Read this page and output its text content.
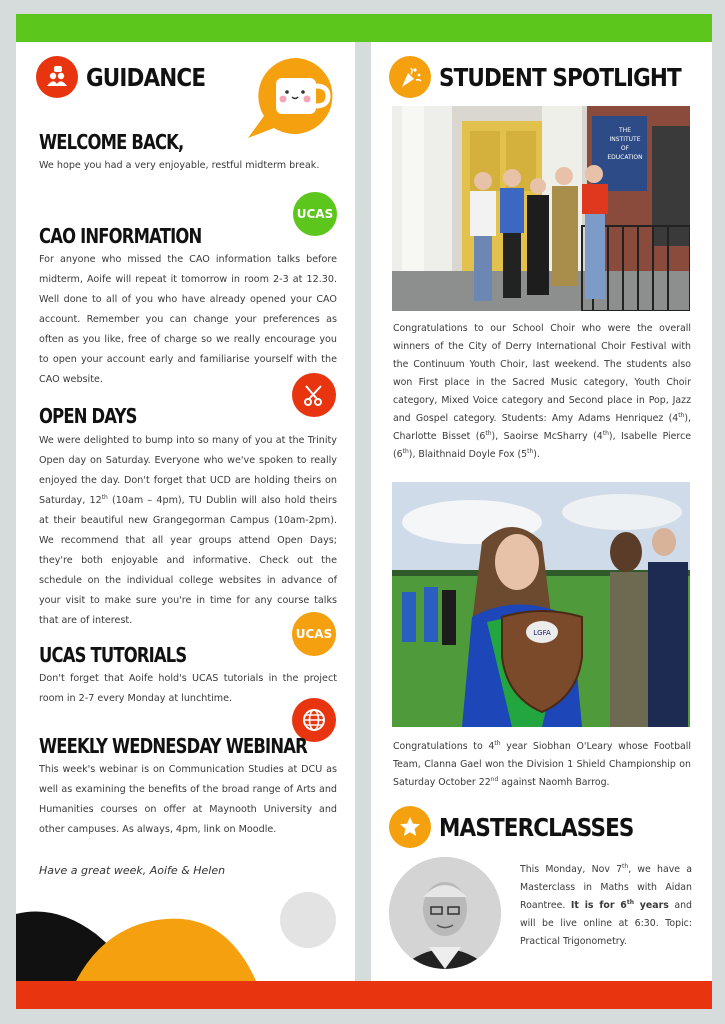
GUIDANCE
WELCOME BACK,
We hope you had a very enjoyable, restful midterm break.
UCAS
CAO INFORMATION
For anyone who missed the CAO information talks before midterm, Aoife will repeat it tomorrow in room 2-3 at 12.30. Well done to all of you who have already opened your CAO account. Remember you can change your preferences as often as you like, free of charge so we really encourage you to open your account early and familiarise yourself with the CAO website.
OPEN DAYS
We were delighted to bump into so many of you at the Trinity Open day on Saturday. Everyone who we've spoken to really enjoyed the day. Don't forget that UCD are holding theirs on Saturday, 12th (10am – 4pm), TU Dublin will also hold theirs at their beautiful new Grangegorman Campus (10am-2pm). We recommend that all year groups attend Open Days; they're both enjoyable and informative. Check out the schedule on the individual college websites in advance of your visit to make sure you're in time for any course talks that are of interest.
UCAS
UCAS TUTORIALS
Don't forget that Aoife hold's UCAS tutorials in the project room in 2-7 every Monday at lunchtime.
WEEKLY WEDNESDAY WEBINAR
This week's webinar is on Communication Studies at DCU as well as examining the benefits of the broad range of Arts and Humanities courses on offer at Maynooth University and other campuses. As always, 4pm, link on Moodle.
Have a great week, Aoife & Helen
STUDENT SPOTLIGHT
THE
INSTITUTE
OF
EDUCATION
Congratulations to our School Choir who were the overall winners of the City of Derry International Choir Festival with the Continuum Youth Choir, last weekend. The students also won First place in the Sacred Music category, Youth Choir category, Mixed Voice category and Second place in Pop, Jazz and Gospel category. Students: Amy Adams Henriquez (4th), Charlotte Bisset (6th), Saoirse McSharry (4th), Isabelle Pierce (6th), Blaithnaid Doyle Fox (5th).
LGFA
Congratulations to 4th year Siobhan O'Leary whose Football Team, Clanna Gael won the Division 1 Shield Championship on Saturday October 22nd against Naomh Barrog.
MASTERCLASSES
This Monday, Nov 7th, we have a Masterclass in Maths with Aidan Roantree. It is for 6th years and will be live online at 6:30. Topic: Practical Trigonometry.
